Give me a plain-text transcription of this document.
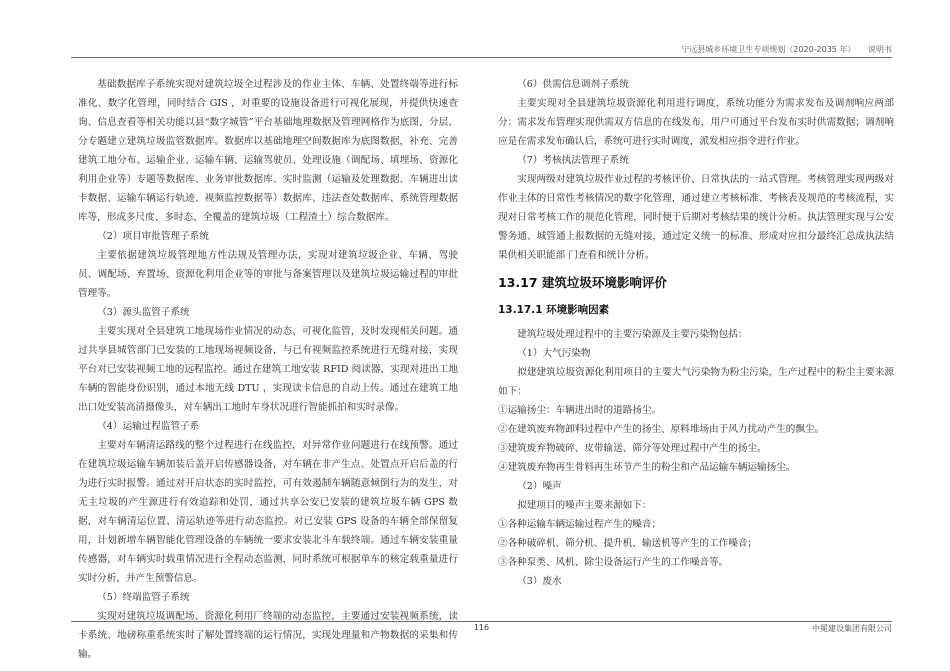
宁远县城乡环境卫生专项规划（2020-2035 年） 说明书

基础数据库子系统实现对建筑垃圾全过程涉及的作业主体、车辆、处置终端等进行标准化、数字化管理，同时结合 GIS ，对重要的设施设备进行可视化展现，并提供快速查询、信息查看等相关功能以县“数字城管”平台基础地理数据及管理网格作为底图，分层、分专题建立建筑垃圾监管数据库。数据库以基础地理空间数据库为底图数据，补充、完善建筑工地分布、运输企业、运输车辆、运输驾驶员、处理设施（调配场、填埋场、资源化利用企业等）专题等数据库、业务审批数据库、实时监测（运输及处理数据、车辆进出读卡数据、运输车辆运行轨迹、视频监控数据等）数据库、违法查处数据库、系统管理数据库等，形成多尺度、多时态、全覆盖的建筑垃圾（工程渣土）综合数据库。

（2）项目审批管理子系统

主要依据建筑垃圾管理地方性法规及管理办法，实现对建筑垃圾企业、车辆、驾驶员、调配场、弃置场、资源化利用企业等的审批与备案管理以及建筑垃圾运输过程的审批管理等。

（3）源头监管子系统

主要实现对全县建筑工地现场作业情况的动态、可视化监管，及时发现相关问题。通过共享县城管部门已安装的工地现场视频设备，与已有视频监控系统进行无缝对接，实现平台对已安装视频工地的远程监控。通过在建筑工地安装 RFID 阅读器，实现对进出工地车辆的智能身份识别，通过本地无线 DTU ，实现读卡信息的自动上传。通过在建筑工地出口处安装高清摄像头，对车辆出工地时车身状况进行智能抓拍和实时录像。

（4）运输过程监管子系

主要对车辆清运路线的整个过程进行在线监控，对异常作业问题进行在线预警。通过在建筑垃圾运输车辆加装后盖开启传感器设备，对车辆在非产生点、处置点开启后盖的行为进行实时报警。通过对开启状态的实时监控，可有效遏制车辆随意倾倒行为的发生，对无主垃圾的产生源进行有效追踪和处罚，通过共享公安已安装的建筑垃圾车辆 GPS 数据，对车辆清运位置、清运轨迹等进行动态监控。对已安装 GPS 设备的车辆全部保留复用，计划新增车辆智能化管理设备的车辆统一要求安装北斗车载终端。通过车辆安装重量传感器，对车辆实时载重情况进行全程动态监测，同时系统可根据单车的核定载重量进行实时分析，并产生预警信息。

（5）终端监管子系统

实现对建筑垃圾调配场、资源化利用厂终端的动态监控，主要通过安装视频系统，读卡系统、地磅称重系统实时了解处置终端的运行情况，实现处理量和产物数据的采集和传输。

（6）供需信息调剂子系统

主要实现对全县建筑垃圾资源化利用进行调度，系统功能分为需求发布及调剂响应两部分：需求发布管理实现供需双方信息的在线发布，用户可通过平台发布实时供需数据；调剂响应是在需求发布确认后，系统可进行实时调度，派发相应指令进行作业。

（7）考核执法管理子系统

实现两级对建筑垃圾作业过程的考核评价、日常执法的一站式管理。考核管理实现两级对作业主体的日常性考核情况的数字化管理，通过建立考核标准、考核表及规范的考核流程，实现对日常考核工作的规范化管理，同时便于后期对考核结果的统计分析。执法管理实现与公安警务通、城管通上报数据的无缝对接，通过定义统一的标准、形成对应扣分最终汇总成执法结果供相关职能部 门查看和统计分析。

13.17 建筑垃圾环境影响评价
13.17.1 环境影响因素

建筑垃圾处理过程中的主要污染源及主要污染物包括：

（1）大气污染物

拟建建筑垃圾资源化利用项目的主要大气污染物为粉尘污染，生产过程中的粉尘主要来源如下：

①运输扬尘：车辆进出时的道路扬尘。

②在建筑废弃物卸料过程中产生的扬尘、原料堆场由于风力扰动产生的飘尘。

③建筑废弃物破碎、皮带输送、筛分等处理过程中产生的扬尘。

④建筑废弃物再生骨料再生环节产生的粉尘和产品运输车辆运输扬尘。

（2）噪声

拟建项目的噪声主要来源如下：

①各种运输车辆运输过程产生的噪音；

②各种破碎机、筛分机、提升机、输送机等产生的工作噪音；

③各种泵类、风机、除尘设备运行产生的工作噪音等。

（3）废水

116	中冕建设集团有限公司
